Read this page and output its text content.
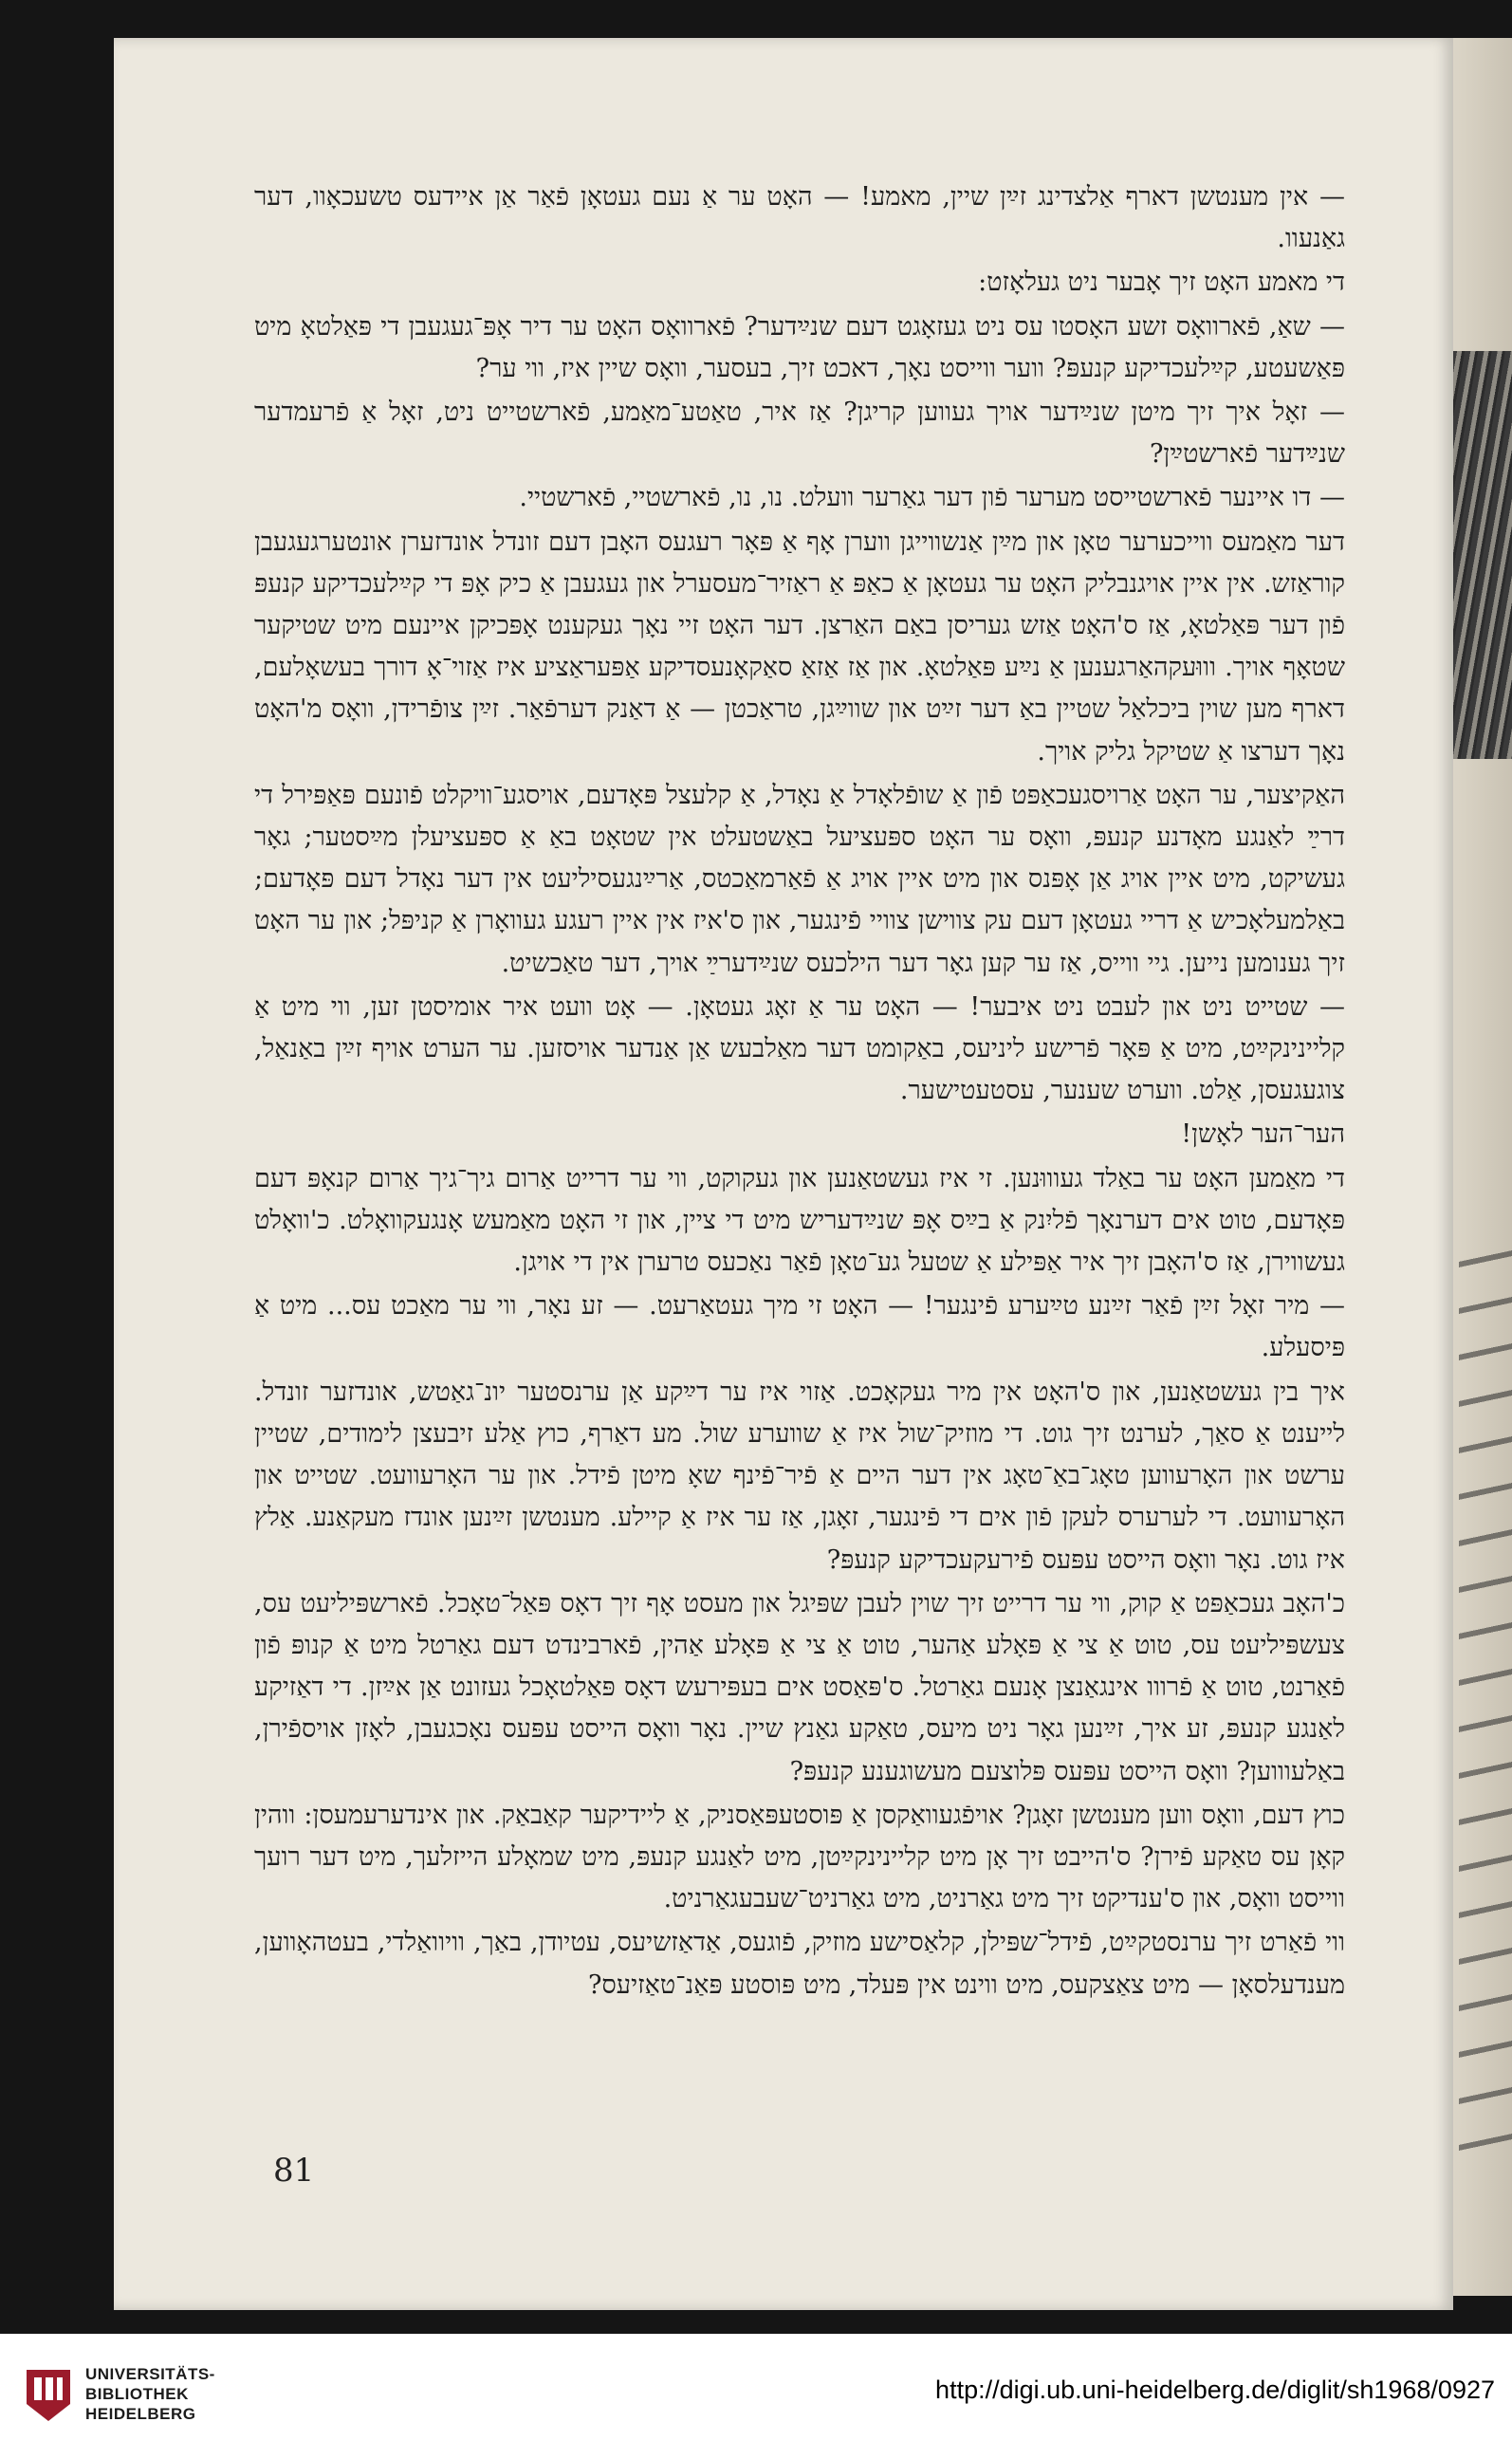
— אין מענטשן דארף אַלצדינג זײַן שיין, מאמע! — האָט ער אַ נעם געטאָן פֿאַר אַן איידעס טשעכאָוו, דער גאַנעוו.

די מאמע האָט זיך אָבער ניט געלאָזט:

— שאַ, פֿארוואָס זשע האָסטו עס ניט געזאָגט דעם שנײַדער? פֿארוואָס האָט ער דיר אָפּ־געגעבן די פּאַלטאָ מיט פּאַשעטע, קײַלעכדיקע קנעפּ? ווער ווייסט נאָך, דאכט זיך, בעסער, וואָס שיין איז, ווי ער?

— זאָל איך זיך מיטן שנײַדער אויך געווען קריגן? אַז איר, טאַטע־מאַמע, פֿארשטייט ניט, זאָל אַ פֿרעמדער שנײַדער פֿארשטײַן?

— דו איינער פֿארשטייסט מערער פֿון דער גאַרער וועלט. נו, נו, פֿארשטיי, פֿארשטיי.

דער מאַמעס ווייכערער טאָן און מײַן אַנשווייגן ווערן אָף אַ פּאָר רעגעס האָבן דעם זונדל אונדזערן אונטערגעגעבן קוראַזש. אין איין אויגנבליק האָט ער געטאָן אַ כאַפּ אַ ראַזיר־מעסערל און געגעבן אַ כיק אָפּ די קײַלעכדיקע קנעפּ פֿון דער פּאַלטאָ, אַז ס'האָט אַזש געריסן באַם האַרצן. דער האָט זיי נאָך געקענט אָפּכיקן איינעם מיט שטיקער שטאָף אויך. וווּעקהאַרגענען אַ נײַע פּאַלטאָ. און אַז אַזאַ סאַקאָנעסדיקע אַפּעראַציע איז אַזוי־אָ דורך בעשאָלעם, דארף מען שוין ביכלאַל שטיין באַ דער זײַט און שווײַגן, טראַכטן — אַ דאַנק דערפֿאַר. זײַן צופֿרידן, וואָס מ'האָט נאָך דערצו אַ שטיקל גליק אויך.

האַקיצער, ער האָט אַרויסגעכאַפּט פֿון אַ שופֿלאָדל אַ נאָדל, אַ קלעצל פּאָדעם, אויסגע־וויקלט פֿונעם פּאַפּירל די דרײַ לאַנגע מאָדנע קנעפּ, וואָס ער האָט ספּעציעל באַשטעלט אין שטאָט באַ אַ ספּעציעלן מײַסטער; גאָר געשיקט, מיט איין אויג אַן אָפּנס און מיט איין אויג אַ פֿאַרמאַכטס, אַרײַנגעסיליעט אין דער נאָדל דעם פּאָדעם; באַלמעלאָכיש אַ דריי געטאָן דעם עק צווישן צוויי פֿינגער, און ס'איז אין איין רעגע געוואָרן אַ קניפּל; און ער האָט זיך גענומען נייען. גיי ווייס, אַז ער קען גאָר דער הילכעס שנײַדערײַ אויך, דער טאַכשיט.

— שטייט ניט און לעבט ניט איבער! — האָט ער אַ זאָג געטאָן. — אָט וועט איר אומיסטן זען, ווי מיט אַ קליינינקײַט, מיט אַ פּאָר פֿרישע ליניעס, באַקומט דער מאַלבעש אַן אַנדער אויסזען. ער הערט אויף זײַן באַנאַל, צוגעגעסן, אַלט. ווערט שענער, עסטעטישער.

הער־הער לאָשן!

די מאַמען האָט ער באַלד געוווּנען. זי איז געשטאַנען און געקוקט, ווי ער דרייט אַרום גיך־גיך אַרום קנאָפּ דעם פּאָדעם, טוט אים דערנאָך פֿליִנק אַ בײַס אָפּ שנײַדעריש מיט די ציין, און זי האָט מאַמעש אָנגעקוואָלט. כ'וואָלט געשווירן, אַז ס'האָבן זיך איר אַפּילע אַ שטעל גע־טאָן פֿאַר נאַכעס טרערן אין די אויגן.

— מיר זאָל זײַן פֿאַר זײַנע טײַערע פֿינגער! — האָט זי מיך געטאַרעט. — זע נאָר, ווי ער מאַכט עס... מיט אַ פּיסעלע.

איך בין געשטאַנען, און ס'האָט אין מיר געקאָכט. אַזוי איז ער דײַקע אַן ערנסטער יונ־גאַטש, אונדזער זונדל. לייענט אַ סאַך, לערנט זיך גוט. די מוזיק־שול איז אַ שווערע שול. מע דאַרף, כוץ אַלע זיבעצן לימודים, שטיין ערשט און האָרעווען טאָג־באַ־טאָג אין דער היים אַ פֿיר־פֿינף שאָ מיטן פֿידל. און ער האָרעוועט. שטייט און האָרעוועט. די לערערס לעקן פֿון אים די פֿינגער, זאָגן, אַז ער איז אַ קיילע. מענטשן זײַנען אונדז מעקאַנע. אַלץ איז גוט. נאָר וואָס הייסט עפּעס פֿירעקעכדיקע קנעפּ?

כ'האָב געכאַפּט אַ קוק, ווי ער דרייט זיך שוין לעבן שפּיגל און מעסט אָף זיך דאָס פּאַל־טאָכל. פֿארשפּיליעט עס, צעשפּיליעט עס, טוט אַ צי אַ פּאָלע אַהער, טוט אַ צי אַ פּאָלע אַהין, פֿארבינדט דעם גאַרטל מיט אַ קנופּ פֿון פֿאַרנט, טוט אַ פֿרווו אינגאַנצן אָנעם גאַרטל. ס'פּאַסט אים בעפּירעש דאָס פּאַלטאָכל געזונט אַן אײַזן. די דאַזיקע לאַנגע קנעפּ, זע איך, זײַנען גאָר ניט מיעס, טאַקע גאַנץ שיין. נאָר וואָס הייסט עפּעס נאָכגעבן, לאָזן אויספֿירן, באַלעוווען? וואָס הייסט עפּעס פּלוצעם מעשוגענע קנעפּ?

כוץ דעם, וואָס ווען מענטשן זאָגן? אויפֿגעוואַקסן אַ פּוסטעפּאַסניק, אַ ליידיקער קאַבאַק. און אינדערעמעסן: ווהין קאָן עס טאַקע פֿירן? ס'הייבט זיך אָן מיט קליינינקײַטן, מיט לאַנגע קנעפּ, מיט שמאָלע הייזלעך, מיט דער רועך ווייסט וואָס, און ס'ענדיקט זיך מיט גאַרניט, מיט גאַרניט־שעבעגאַרניט.

ווי פֿאַרט זיך ערנסטקײַט, פֿידל־שפּילן, קלאַסישע מוזיק, פֿוגעס, אַדאַזשיעס, עטיודן, באַך, וויוואַלדי, בעטהאָווען, מענדעלסאָן — מיט צאַצקעס, מיט ווינט אין פּעלד, מיט פּוסטע פּאַנ־טאַזיעס?

81
UNIVERSITÄTS-
BIBLIOTHEK
HEIDELBERG
http://digi.ub.uni-heidelberg.de/diglit/sh1968/0927
